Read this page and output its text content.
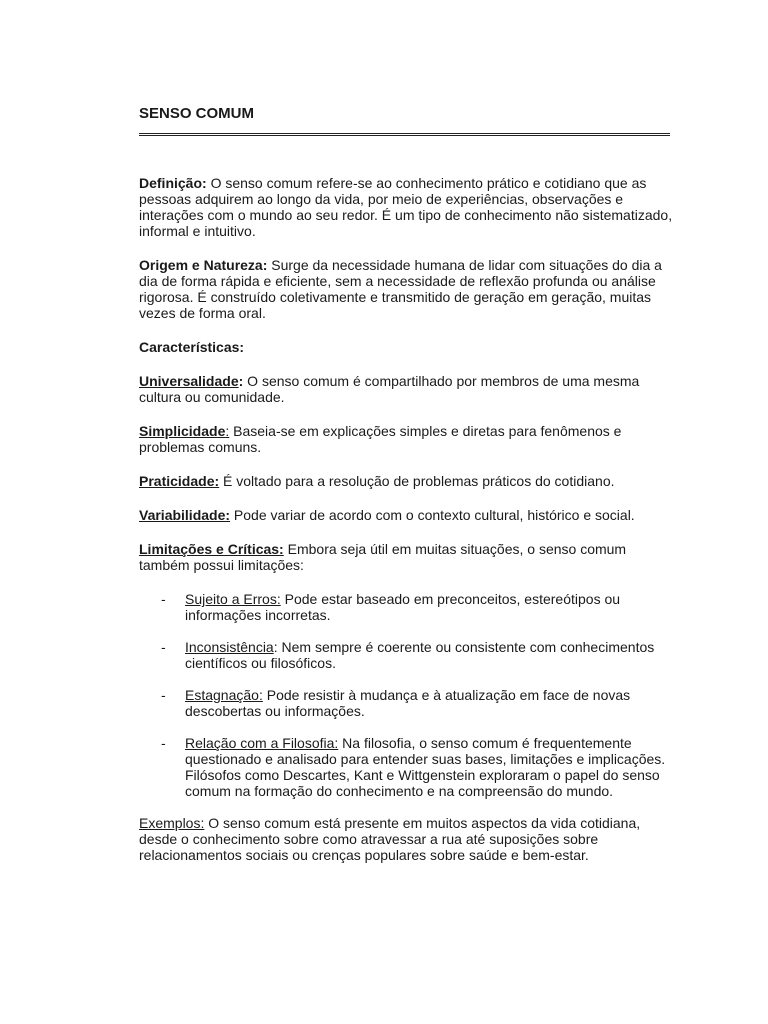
SENSO COMUM

Definição: O senso comum refere-se ao conhecimento prático e cotidiano que as pessoas adquirem ao longo da vida, por meio de experiências, observações e interações com o mundo ao seu redor. É um tipo de conhecimento não sistematizado, informal e intuitivo.

Origem e Natureza: Surge da necessidade humana de lidar com situações do dia a dia de forma rápida e eficiente, sem a necessidade de reflexão profunda ou análise rigorosa. É construído coletivamente e transmitido de geração em geração, muitas vezes de forma oral.

Características:

Universalidade: O senso comum é compartilhado por membros de uma mesma cultura ou comunidade.

Simplicidade: Baseia-se em explicações simples e diretas para fenômenos e problemas comuns.

Praticidade: É voltado para a resolução de problemas práticos do cotidiano.

Variabilidade: Pode variar de acordo com o contexto cultural, histórico e social.

Limitações e Críticas: Embora seja útil em muitas situações, o senso comum também possui limitações:

- Sujeito a Erros: Pode estar baseado em preconceitos, estereótipos ou informações incorretas.
- Inconsistência: Nem sempre é coerente ou consistente com conhecimentos científicos ou filosóficos.
- Estagnação: Pode resistir à mudança e à atualização em face de novas descobertas ou informações.
- Relação com a Filosofia: Na filosofia, o senso comum é frequentemente questionado e analisado para entender suas bases, limitações e implicações. Filósofos como Descartes, Kant e Wittgenstein exploraram o papel do senso comum na formação do conhecimento e na compreensão do mundo.

Exemplos: O senso comum está presente em muitos aspectos da vida cotidiana, desde o conhecimento sobre como atravessar a rua até suposições sobre relacionamentos sociais ou crenças populares sobre saúde e bem-estar.
